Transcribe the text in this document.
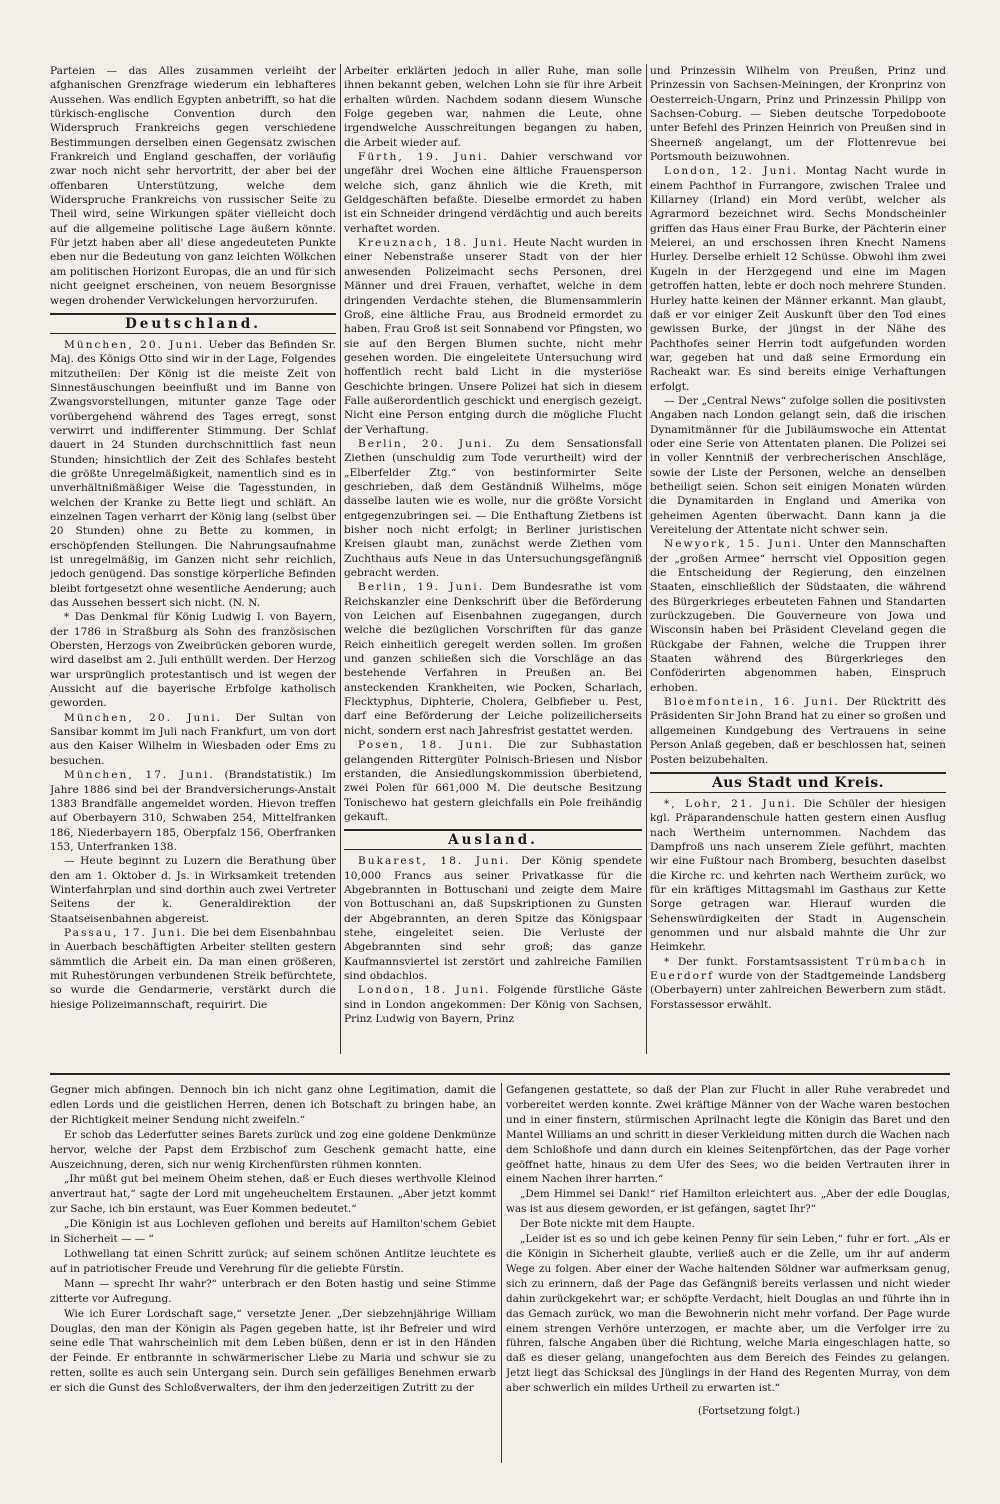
Parteien — das Alles zusammen verleiht der afghanischen Grenzfrage wiederum ein lebhafteres Aussehen. Was endlich Egypten anbetrifft, so hat die türkisch-englische Convention durch den Widerspruch Frankreichs gegen verschiedene Bestimmungen derselben einen Gegensatz zwischen Frankreich und England geschaffen, der vorläufig zwar noch nicht sehr hervortritt, der aber bei der offenbaren Unterstützung, welche dem Widerspruche Frankreichs von russischer Seite zu Theil wird, seine Wirkungen später vielleicht doch auf die allgemeine politische Lage äußern könnte. Für jetzt haben aber all' diese angedeuteten Punkte eben nur die Bedeutung von ganz leichten Wölkchen am politischen Horizont Europas, die an und für sich nicht geeignet erscheinen, von neuem Besorgnisse wegen drohender Verwickelungen hervorzurufen.

Deutschland.

München, 20. Juni. Ueber das Befinden Sr. Maj. des Königs Otto sind wir in der Lage, Folgendes mitzutheilen: Der König ist die meiste Zeit von Sinnestäuschungen beeinflußt und im Banne von Zwangsvorstellungen, mitunter ganze Tage oder vorübergehend während des Tages erregt, sonst verwirrt und indifferenter Stimmung. Der Schlaf dauert in 24 Stunden durchschnittlich fast neun Stunden; hinsichtlich der Zeit des Schlafes besteht die größte Unregelmäßigkeit, namentlich sind es in unverhältnißmäßiger Weise die Tagesstunden, in welchen der Kranke zu Bette liegt und schläft. An einzelnen Tagen verharrt der König lang (selbst über 20 Stunden) ohne zu Bette zu kommen, in erschöpfenden Stellungen. Die Nahrungsaufnahme ist unregelmäßig, im Ganzen nicht sehr reichlich, jedoch genügend. Das sonstige körperliche Befinden bleibt fortgesetzt ohne wesentliche Aenderung; auch das Aussehen bessert sich nicht. (N. N.

* Das Denkmal für König Ludwig I. von Bayern, der 1786 in Straßburg als Sohn des französischen Obersten, Herzogs von Zweibrücken geboren wurde, wird daselbst am 2. Juli enthüllt werden. Der Herzog war ursprünglich protestantisch und ist wegen der Aussicht auf die bayerische Erbfolge katholisch geworden.

München, 20. Juni. Der Sultan von Sansibar kommt im Juli nach Frankfurt, um von dort aus den Kaiser Wilhelm in Wiesbaden oder Ems zu besuchen.

München, 17. Juni. (Brandstatistik.) Im Jahre 1886 sind bei der Brandversicherungs-Anstalt 1383 Brandfälle angemeldet worden. Hievon treffen auf Oberbayern 310, Schwaben 254, Mittelfranken 186, Niederbayern 185, Oberpfalz 156, Oberfranken 153, Unterfranken 138.

— Heute beginnt zu Luzern die Berathung über den am 1. Oktober d. Js. in Wirksamkeit tretenden Winterfahrplan und sind dorthin auch zwei Vertreter Seitens der k. Generaldirektion der Staatseisenbahnen abgereist.

Passau, 17. Juni. Die bei dem Eisenbahnbau in Auerbach beschäftigten Arbeiter stellten gestern sämmtlich die Arbeit ein. Da man einen größeren, mit Ruhestörungen verbundenen Streik befürchtete, so wurde die Gendarmerie, verstärkt durch die hiesige Polizeimannschaft, requirirt. Die

Arbeiter erklärten jedoch in aller Ruhe, man solle ihnen bekannt geben, welchen Lohn sie für ihre Arbeit erhalten würden. Nachdem sodann diesem Wunsche Folge gegeben war, nahmen die Leute, ohne irgendwelche Ausschreitungen begangen zu haben, die Arbeit wieder auf.

Fürth, 19. Juni. Dahier verschwand vor ungefähr drei Wochen eine ältliche Frauensperson welche sich, ganz ähnlich wie die Kreth, mit Geldgeschäften befaßte. Dieselbe ermordet zu haben ist ein Schneider dringend verdächtig und auch bereits verhaftet worden.

Kreuznach, 18. Juni. Heute Nacht wurden in einer Nebenstraße unserer Stadt von der hier anwesenden Polizeimacht sechs Personen, drei Männer und drei Frauen, verhaftet, welche in dem dringenden Verdachte stehen, die Blumensammlerin Groß, eine ältliche Frau, aus Brodneid ermordet zu haben. Frau Groß ist seit Sonnabend vor Pfingsten, wo sie auf den Bergen Blumen suchte, nicht mehr gesehen worden. Die eingeleitete Untersuchung wird hoffentlich recht bald Licht in die mysteriöse Geschichte bringen. Unsere Polizei hat sich in diesem Falle außerordentlich geschickt und energisch gezeigt. Nicht eine Person entging durch die mögliche Flucht der Verhaftung.

Berlin, 20. Juni. Zu dem Sensationsfall Ziethen (unschuldig zum Tode verurtheilt) wird der „Elberfelder Ztg.“ von bestinformirter Seite geschrieben, daß dem Geständniß Wilhelms, möge dasselbe lauten wie es wolle, nur die größte Vorsicht entgegenzubringen sei. — Die Enthaftung Zietbens ist bisher noch nicht erfolgt; in Berliner juristischen Kreisen glaubt man, zunächst werde Ziethen vom Zuchthaus aufs Neue in das Untersuchungsgefängniß gebracht werden.

Berlin, 19. Juni. Dem Bundesrathe ist vom Reichskanzler eine Denkschrift über die Beförderung von Leichen auf Eisenbahnen zugegangen, durch welche die bezüglichen Vorschriften für das ganze Reich einheitlich geregelt werden sollen. Im großen und ganzen schließen sich die Vorschläge an das bestehende Verfahren in Preußen an. Bei ansteckenden Krankheiten, wie Pocken, Scharlach, Flecktyphus, Diphterie, Cholera, Gelbfieber u. Pest, darf eine Beförderung der Leiche polizeilicherseits nicht, sondern erst nach Jahresfrist gestattet werden.

Posen, 18. Juni. Die zur Subhastation gelangenden Rittergüter Polnisch-Briesen und Nisbor erstanden, die Ansiedlungskommission überbietend, zwei Polen für 661,000 M. Die deutsche Besitzung Tonischewo hat gestern gleichfalls ein Pole freihändig gekauft.

Ausland.

Bukarest, 18. Juni. Der König spendete 10,000 Francs aus seiner Privatkasse für die Abgebrannten in Bottuschani und zeigte dem Maire von Bottuschani an, daß Supskriptionen zu Gunsten der Abgebrannten, an deren Spitze das Königspaar stehe, eingeleitet seien. Die Verluste der Abgebrannten sind sehr groß; das ganze Kaufmannsviertel ist zerstört und zahlreiche Familien sind obdachlos.

London, 18. Juni. Folgende fürstliche Gäste sind in London angekommen: Der König von Sachsen, Prinz Ludwig von Bayern, Prinz

und Prinzessin Wilhelm von Preußen, Prinz und Prinzessin von Sachsen-Meiningen, der Kronprinz von Oesterreich-Ungarn, Prinz und Prinzessin Philipp von Sachsen-Coburg. — Sieben deutsche Torpedoboote unter Befehl des Prinzen Heinrich von Preußen sind in Sheerneß angelangt, um der Flottenrevue bei Portsmouth beizuwohnen.

London, 12. Juni. Montag Nacht wurde in einem Pachthof in Furrangore, zwischen Tralee und Killarney (Irland) ein Mord verübt, welcher als Agrarmord bezeichnet wird. Sechs Mondscheinler griffen das Haus einer Frau Burke, der Pächterin einer Meierei, an und erschossen ihren Knecht Namens Hurley. Derselbe erhielt 12 Schüsse. Obwohl ihm zwei Kugeln in der Herzgegend und eine im Magen getroffen hatten, lebte er doch noch mehrere Stunden. Hurley hatte keinen der Männer erkannt. Man glaubt, daß er vor einiger Zeit Auskunft über den Tod eines gewissen Burke, der jüngst in der Nähe des Pachthofes seiner Herrin todt aufgefunden worden war, gegeben hat und daß seine Ermordung ein Racheakt war. Es sind bereits einige Verhaftungen erfolgt.

— Der „Central News“ zufolge sollen die positivsten Angaben nach London gelangt sein, daß die irischen Dynamitmänner für die Jubiläumswoche ein Attentat oder eine Serie von Attentaten planen. Die Polizei sei in voller Kenntniß der verbrecherischen Anschläge, sowie der Liste der Personen, welche an denselben betheiligt seien. Schon seit einigen Monaten würden die Dynamitarden in England und Amerika von geheimen Agenten überwacht. Dann kann ja die Vereitelung der Attentate nicht schwer sein.

Newyork, 15. Juni. Unter den Mannschaften der „großen Armee“ herrscht viel Opposition gegen die Entscheidung der Regierung, den einzelnen Staaten, einschließlich der Südstaaten, die während des Bürgerkrieges erbeuteten Fahnen und Standarten zurückzugeben. Die Gouverneure von Jowa und Wisconsin haben bei Präsident Cleveland gegen die Rückgabe der Fahnen, welche die Truppen ihrer Staaten während des Bürgerkrieges den Conföderirten abgenommen haben, Einspruch erhoben.

Bloemfontein, 16. Juni. Der Rücktritt des Präsidenten Sir John Brand hat zu einer so großen und allgemeinen Kundgebung des Vertrauens in seine Person Anlaß gegeben, daß er beschlossen hat, seinen Posten beizubehalten.

Aus Stadt und Kreis.

*, Lohr, 21. Juni. Die Schüler der hiesigen kgl. Präparandenschule hatten gestern einen Ausflug nach Wertheim unternommen. Nachdem das Dampfroß uns nach unserem Ziele geführt, machten wir eine Fußtour nach Bromberg, besuchten daselbst die Kirche rc. und kehrten nach Wertheim zurück, wo für ein kräftiges Mittagsmahl im Gasthaus zur Kette Sorge getragen war. Hierauf wurden die Sehenswürdigkeiten der Stadt in Augenschein genommen und nur alsbald mahnte die Uhr zur Heimkehr.

* Der funkt. Forstamtsassistent Trümbach in Euerdorf wurde von der Stadtgemeinde Landsberg (Oberbayern) unter zahlreichen Bewerbern zum städt. Forstassessor erwählt.

Gegner mich abfingen. Dennoch bin ich nicht ganz ohne Legitimation, damit die edlen Lords und die geistlichen Herren, denen ich Botschaft zu bringen habe, an der Richtigkeit meiner Sendung nicht zweifeln.“

Er schob das Lederfutter seines Barets zurück und zog eine goldene Denkmünze hervor, welche der Papst dem Erzbischof zum Geschenk gemacht hatte, eine Auszeichnung, deren, sich nur wenig Kirchenfürsten rühmen konnten.

„Ihr müßt gut bei meinem Oheim stehen, daß er Euch dieses werthvolle Kleinod anvertraut hat,“ sagte der Lord mit ungeheucheltem Erstaunen. „Aber jetzt kommt zur Sache, ich bin erstaunt, was Euer Kommen bedeutet.“

„Die Königin ist aus Lochleven geflohen und bereits auf Hamilton'schem Gebiet in Sicherheit — — “

Lothwellang tat einen Schritt zurück; auf seinem schönen Antlitze leuchtete es auf in patriotischer Freude und Verehrung für die geliebte Fürstin.

Mann — sprecht Ihr wahr?“ unterbrach er den Boten hastig und seine Stimme zitterte vor Aufregung.

Wie ich Eurer Lordschaft sage,“ versetzte Jener. „Der siebzehnjährige William Douglas, den man der Königin als Pagen gegeben hatte, ist ihr Befreier und wird seine edle That wahrscheinlich mit dem Leben büßen, denn er ist in den Händen der Feinde. Er entbrannte in schwärmerischer Liebe zu Maria und schwur sie zu retten, sollte es auch sein Untergang sein. Durch sein gefälliges Benehmen erwarb er sich die Gunst des Schloßverwalters, der ihm den jederzeitigen Zutritt zu der

Gefangenen gestattete, so daß der Plan zur Flucht in aller Ruhe verabredet und vorbereitet werden konnte. Zwei kräftige Männer von der Wache waren bestochen und in einer finstern, stürmischen Aprilnacht legte die Königin das Baret und den Mantel Williams an und schritt in dieser Verkleidung mitten durch die Wachen nach dem Schloßhofe und dann durch ein kleines Seitenpförtchen, das der Page vorher geöffnet hatte, hinaus zu dem Ufer des Sees, wo die beiden Vertrauten ihrer in einem Nachen ihrer harrten.“

„Dem Himmel sei Dank!“ rief Hamilton erleichtert aus. „Aber der edle Douglas, was ist aus diesem geworden, er ist gefangen, sagtet Ihr?“

Der Bote nickte mit dem Haupte.

„Leider ist es so und ich gebe keinen Penny für sein Leben,“ fuhr er fort. „Als er die Königin in Sicherheit glaubte, verließ auch er die Zelle, um ihr auf anderm Wege zu folgen. Aber einer der Wache haltenden Söldner war aufmerksam genug, sich zu erinnern, daß der Page das Gefängniß bereits verlassen und nicht wieder dahin zurückgekehrt war; er schöpfte Verdacht, hielt Douglas an und führte ihn in das Gemach zurück, wo man die Bewohnerin nicht mehr vorfand. Der Page wurde einem strengen Verhöre unterzogen, er machte aber, um die Verfolger irre zu führen, falsche Angaben über die Richtung, welche Maria eingeschlagen hatte, so daß es dieser gelang, unangefochten aus dem Bereich des Feindes zu gelangen. Jetzt liegt das Schicksal des Jünglings in der Hand des Regenten Murray, von dem aber schwerlich ein mildes Urtheil zu erwarten ist.“

(Fortsetzung folgt.)
